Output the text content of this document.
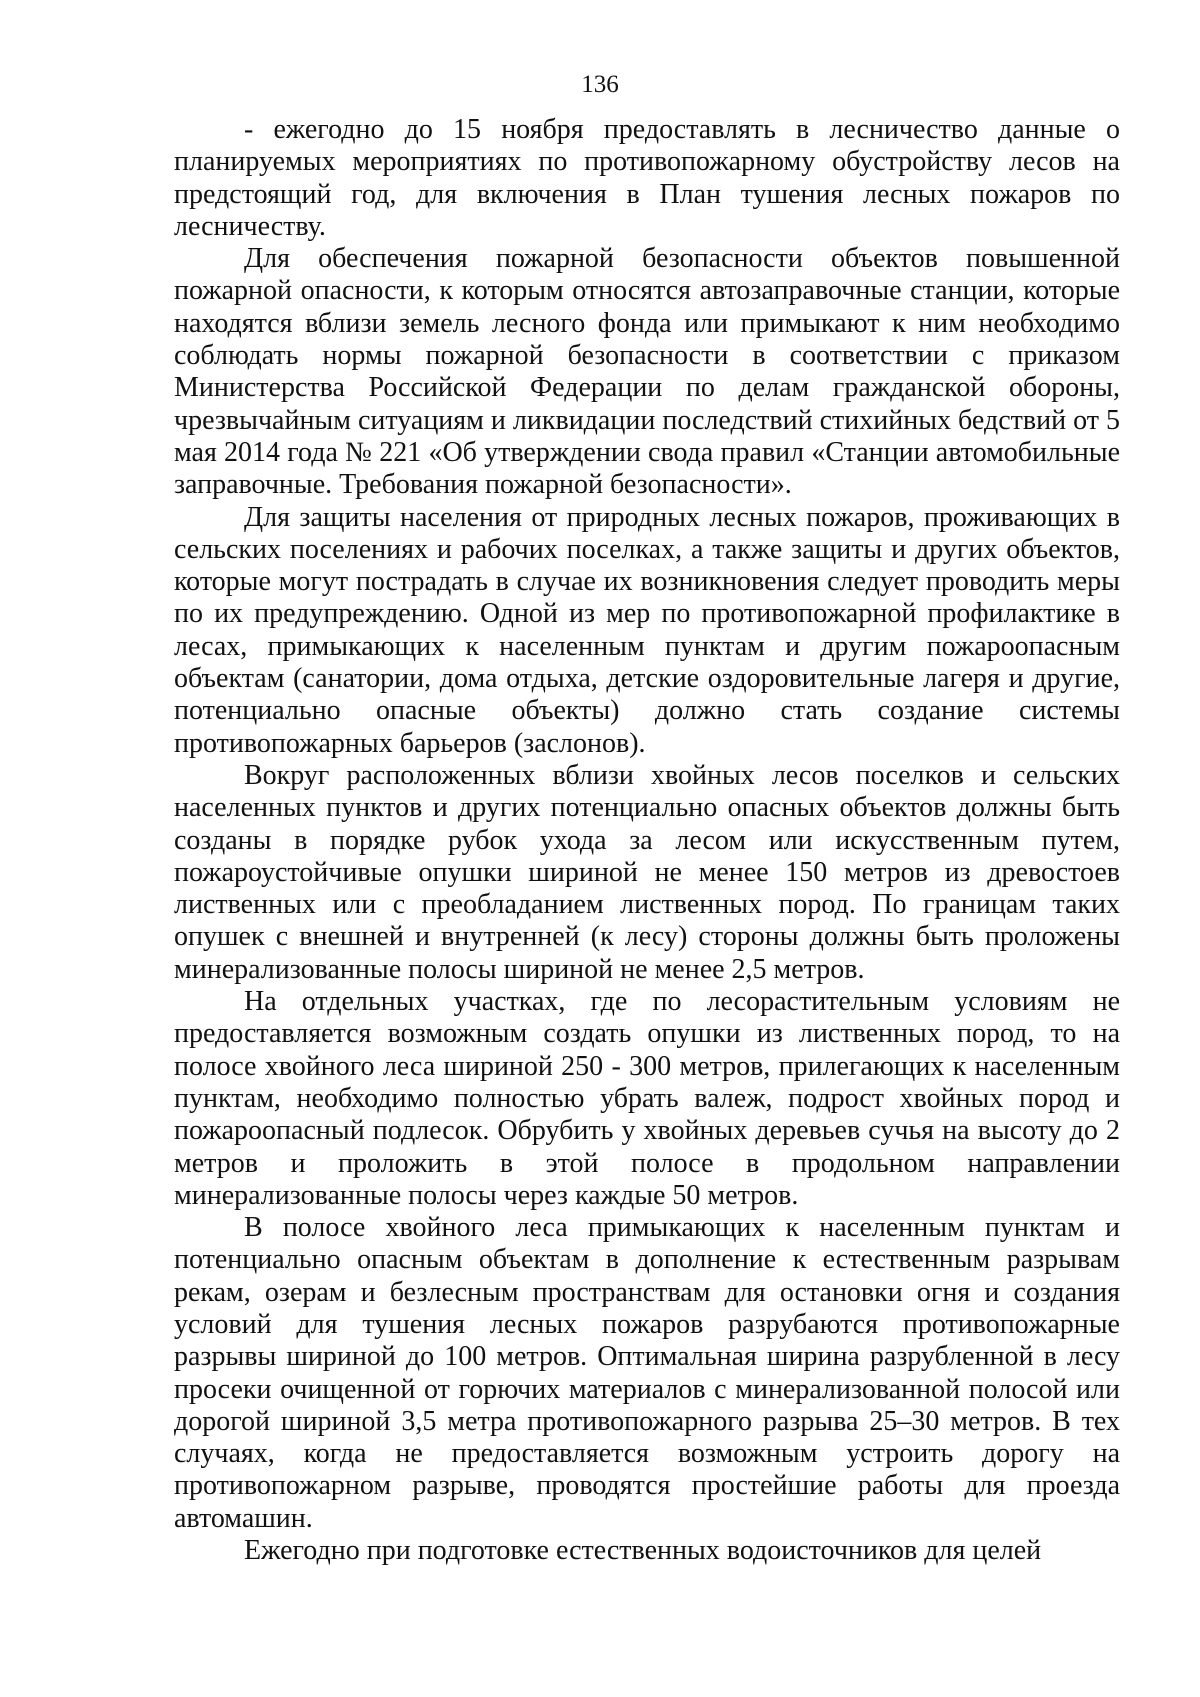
136

- ежегодно до 15 ноября предоставлять в лесничество данные о планируемых мероприятиях по противопожарному обустройству лесов на предстоящий год, для включения в План тушения лесных пожаров по лесничеству.

Для обеспечения пожарной безопасности объектов повышенной пожарной опасности, к которым относятся автозаправочные станции, которые находятся вблизи земель лесного фонда или примыкают к ним необходимо соблюдать нормы пожарной безопасности в соответствии с приказом Министерства Российской Федерации по делам гражданской обороны, чрезвычайным ситуациям и ликвидации последствий стихийных бедствий от 5 мая 2014 года № 221 «Об утверждении свода правил «Станции автомобильные заправочные. Требования пожарной безопасности».

Для защиты населения от природных лесных пожаров, проживающих в сельских поселениях и рабочих поселках, а также защиты и других объектов, которые могут пострадать в случае их возникновения следует проводить меры по их предупреждению. Одной из мер по противопожарной профилактике в лесах, примыкающих к населенным пунктам и другим пожароопасным объектам (санатории, дома отдыха, детские оздоровительные лагеря и другие, потенциально опасные объекты) должно стать создание системы противопожарных барьеров (заслонов).

Вокруг расположенных вблизи хвойных лесов поселков и сельских населенных пунктов и других потенциально опасных объектов должны быть созданы в порядке рубок ухода за лесом или искусственным путем, пожароустойчивые опушки шириной не менее 150 метров из древостоев лиственных или с преобладанием лиственных пород. По границам таких опушек с внешней и внутренней (к лесу) стороны должны быть проложены минерализованные полосы шириной не менее 2,5 метров.

На отдельных участках, где по лесорастительным условиям не предоставляется возможным создать опушки из лиственных пород, то на полосе хвойного леса шириной 250 - 300 метров, прилегающих к населенным пунктам, необходимо полностью убрать валеж, подрост хвойных пород и пожароопасный подлесок. Обрубить у хвойных деревьев сучья на высоту до 2 метров и проложить в этой полосе в продольном направлении минерализованные полосы через каждые 50 метров.

В полосе хвойного леса примыкающих к населенным пунктам и потенциально опасным объектам в дополнение к естественным разрывам рекам, озерам и безлесным пространствам для остановки огня и создания условий для тушения лесных пожаров разрубаются противопожарные разрывы шириной до 100 метров. Оптимальная ширина разрубленной в лесу просеки очищенной от горючих материалов с минерализованной полосой или дорогой шириной 3,5 метра противопожарного разрыва 25–30 метров. В тех случаях, когда не предоставляется возможным устроить дорогу на противопожарном разрыве, проводятся простейшие работы для проезда автомашин.

Ежегодно при подготовке естественных водоисточников для целей
